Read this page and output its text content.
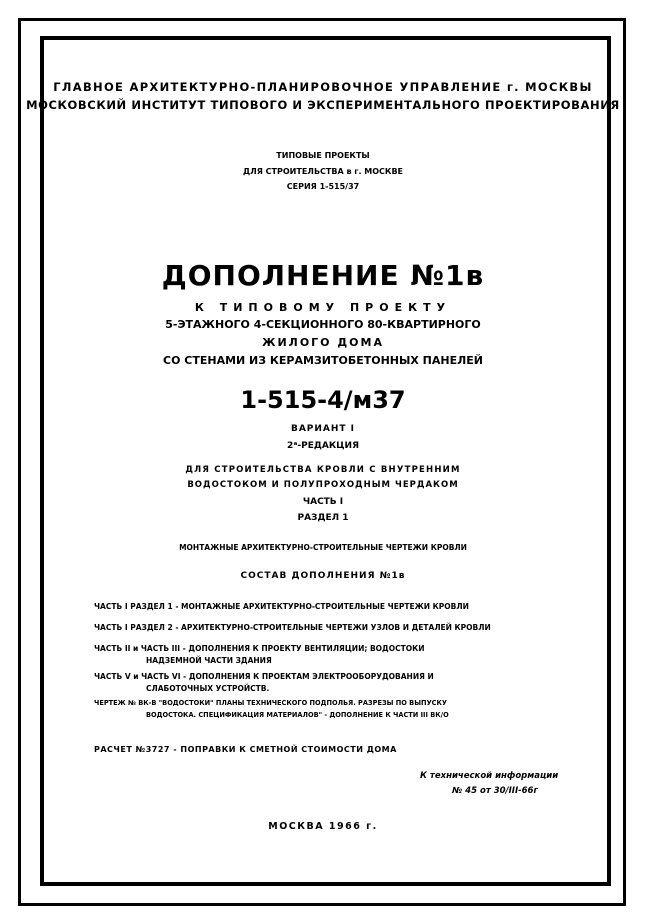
ГЛАВНОЕ АРХИТЕКТУРНО-ПЛАНИРОВОЧНОЕ УПРАВЛЕНИЕ г. МОСКВЫ
МОСКОВСКИЙ ИНСТИТУТ ТИПОВОГО И ЭКСПЕРИМЕНТАЛЬНОГО ПРОЕКТИРОВАНИЯ
ТИПОВЫЕ ПРОЕКТЫ
ДЛЯ СТРОИТЕЛЬСТВА в г. МОСКВЕ
СЕРИЯ 1-515/37
ДОПОЛНЕНИЕ №1в
К ТИПОВОМУ ПРОЕКТУ
5-ЭТАЖНОГО 4-СЕКЦИОННОГО 80-КВАРТИРНОГО
ЖИЛОГО ДОМА
СО СТЕНАМИ ИЗ КЕРАМЗИТОБЕТОННЫХ ПАНЕЛЕЙ
1-515-4/м37
ВАРИАНТ I
2ᵃ-РЕДАКЦИЯ
ДЛЯ СТРОИТЕЛЬСТВА КРОВЛИ С ВНУТРЕННИМ
ВОДОСТОКОМ И ПОЛУПРОХОДНЫМ ЧЕРДАКОМ
ЧАСТЬ I
РАЗДЕЛ 1
МОНТАЖНЫЕ АРХИТЕКТУРНО-СТРОИТЕЛЬНЫЕ ЧЕРТЕЖИ КРОВЛИ
СОСТАВ ДОПОЛНЕНИЯ №1в
ЧАСТЬ I РАЗДЕЛ 1 - МОНТАЖНЫЕ АРХИТЕКТУРНО-СТРОИТЕЛЬНЫЕ ЧЕРТЕЖИ КРОВЛИ
ЧАСТЬ I РАЗДЕЛ 2 - АРХИТЕКТУРНО-СТРОИТЕЛЬНЫЕ ЧЕРТЕЖИ УЗЛОВ И ДЕТАЛЕЙ КРОВЛИ
ЧАСТЬ II и ЧАСТЬ III - ДОПОЛНЕНИЯ К ПРОЕКТУ ВЕНТИЛЯЦИИ; ВОДОСТОКИ
НАДЗЕМНОЙ ЧАСТИ ЗДАНИЯ
ЧАСТЬ V и ЧАСТЬ VI - ДОПОЛНЕНИЯ К ПРОЕКТАМ ЭЛЕКТРООБОРУДОВАНИЯ И
СЛАБОТОЧНЫХ УСТРОЙСТВ.
ЧЕРТЕЖ № ВК-В "ВОДОСТОКИ" ПЛАНЫ ТЕХНИЧЕСКОГО ПОДПОЛЬЯ. РАЗРЕЗЫ ПО ВЫПУСКУ
ВОДОСТОКА. СПЕЦИФИКАЦИЯ МАТЕРИАЛОВ" - ДОПОЛНЕНИЕ К ЧАСТИ III ВК/О
РАСЧЕТ №3727 - ПОПРАВКИ К СМЕТНОЙ СТОИМОСТИ ДОМА
К технической информации
№ 45 от 30/III-66г
МОСКВА 1966 г.
